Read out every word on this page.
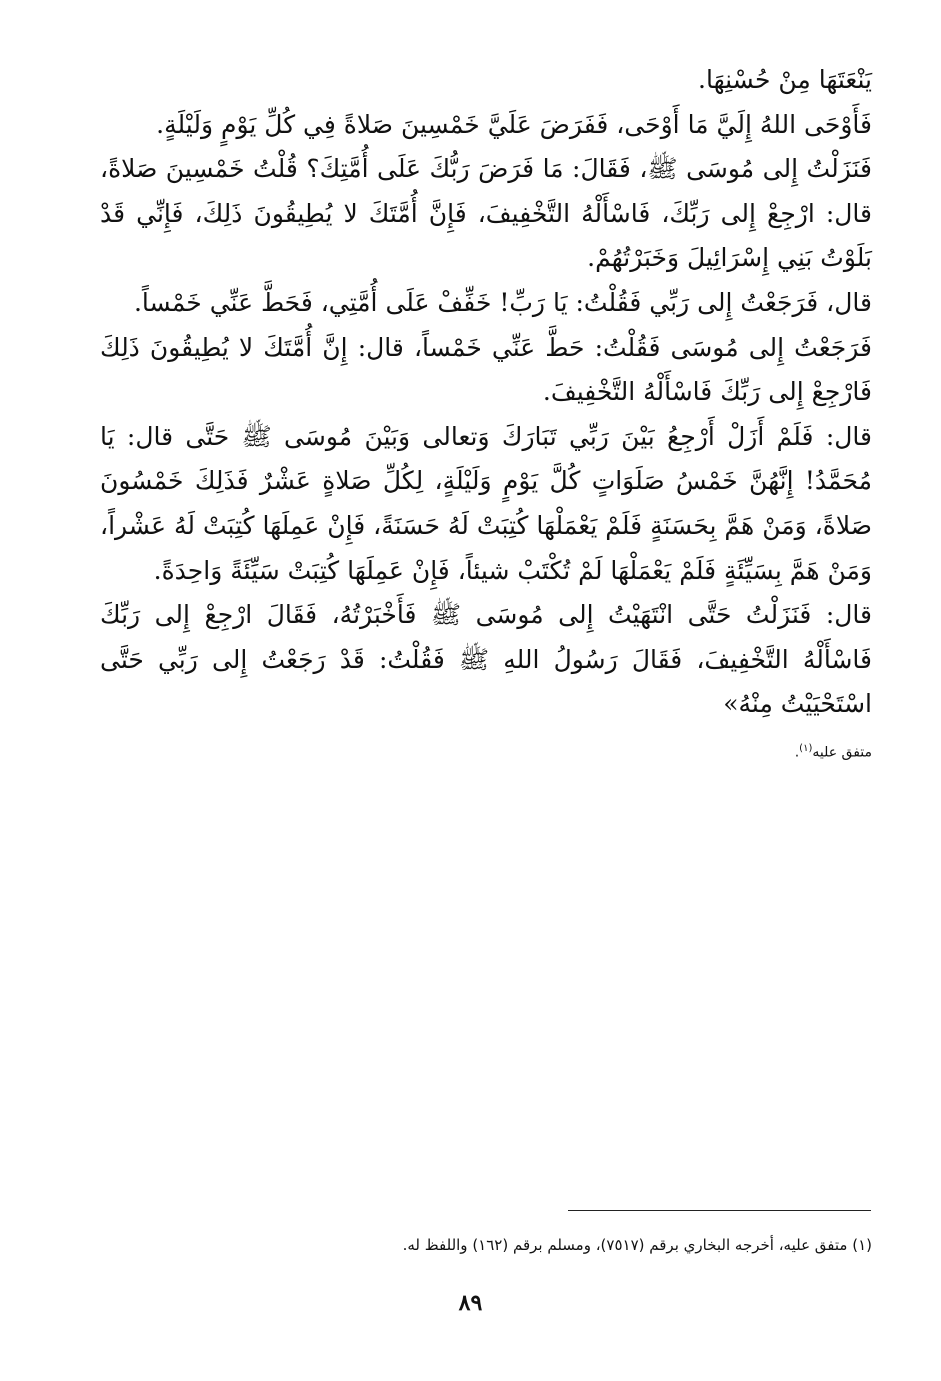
يَنْعَتَهَا مِنْ حُسْنِهَا.

فَأَوْحَى اللهُ إِلَيَّ مَا أَوْحَى، فَفَرَضَ عَلَيَّ خَمْسِينَ صَلاةً فِي كُلِّ يَوْمٍ وَلَيْلَةٍ.

فَنَزَلْتُ إِلى مُوسَى ﷺ، فَقَالَ: مَا فَرَضَ رَبُّكَ عَلَى أُمَّتِكَ؟ قُلْتُ خَمْسِينَ صَلاةً، قال: ارْجِعْ إِلى رَبِّكَ، فَاسْأَلْهُ التَّخْفِيفَ، فَإِنَّ أُمَّتَكَ لا يُطِيقُونَ ذَلِكَ، فَإِنِّي قَدْ بَلَوْتُ بَنِي إِسْرَائِيلَ وَخَبَرْتُهُمْ.

قال، فَرَجَعْتُ إِلى رَبِّي فَقُلْتُ: يَا رَبِّ! خَفِّفْ عَلَى أُمَّتِي، فَحَطَّ عَنِّي خَمْساً.

فَرَجَعْتُ إِلى مُوسَى فَقُلْتُ: حَطَّ عَنِّي خَمْساً، قال: إِنَّ أُمَّتَكَ لا يُطِيقُونَ ذَلِكَ فَارْجِعْ إِلى رَبِّكَ فَاسْأَلْهُ التَّخْفِيفَ.

قال: فَلَمْ أَزَلْ أَرْجِعُ بَيْنَ رَبِّي تَبَارَكَ وَتعالى وَبَيْنَ مُوسَى ﷺ حَتَّى قال: يَا مُحَمَّدُ! إِنَّهُنَّ خَمْسُ صَلَوَاتٍ كُلَّ يَوْمٍ وَلَيْلَةٍ، لِكُلِّ صَلاةٍ عَشْرٌ فَذَلِكَ خَمْسُونَ صَلاةً، وَمَنْ هَمَّ بِحَسَنَةٍ فَلَمْ يَعْمَلْهَا كُتِبَتْ لَهُ حَسَنَةً، فَإِنْ عَمِلَهَا كُتِبَتْ لَهُ عَشْراً، وَمَنْ هَمَّ بِسَيِّئَةٍ فَلَمْ يَعْمَلْهَا لَمْ تُكْتَبْ شيئاً، فَإِنْ عَمِلَهَا كُتِبَتْ سَيِّئَةً وَاحِدَةً.

قال: فَنَزَلْتُ حَتَّى انْتَهَيْتُ إِلى مُوسَى ﷺ فَأَخْبَرْتُهُ، فَقَالَ ارْجِعْ إِلى رَبِّكَ فَاسْأَلْهُ التَّخْفِيفَ، فَقَالَ رَسُولُ اللهِ ﷺ فَقُلْتُ: قَدْ رَجَعْتُ إِلى رَبِّي حَتَّى اسْتَحْيَيْتُ مِنْهُ»

متفق عليه$^{(١)}$.

(١) متفق عليه، أخرجه البخاري برقم (٧٥١٧)، ومسلم برقم (١٦٢) واللفظ له.
٨٩
